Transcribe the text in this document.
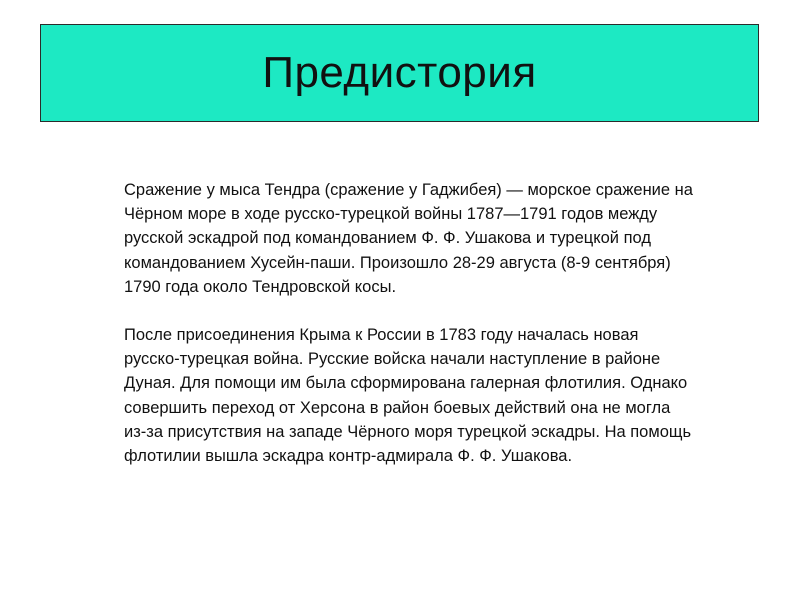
Предистория

Сражение у мыса Тендра (сражение у Гаджибея) — морское сражение на Чёрном море в ходе русско-турецкой войны 1787—1791 годов между русской эскадрой под командованием Ф. Ф. Ушакова и турецкой под командованием Хусейн-паши. Произошло 28-29 августа (8-9 сентября) 1790 года около Тендровской косы.

После присоединения Крыма к России в 1783 году началась новая русско-турецкая война. Русские войска начали наступление в районе Дуная. Для помощи им была сформирована галерная флотилия. Однако совершить переход от Херсона в район боевых действий она не могла из-за присутствия на западе Чёрного моря турецкой эскадры. На помощь флотилии вышла эскадра контр-адмирала Ф. Ф. Ушакова.
